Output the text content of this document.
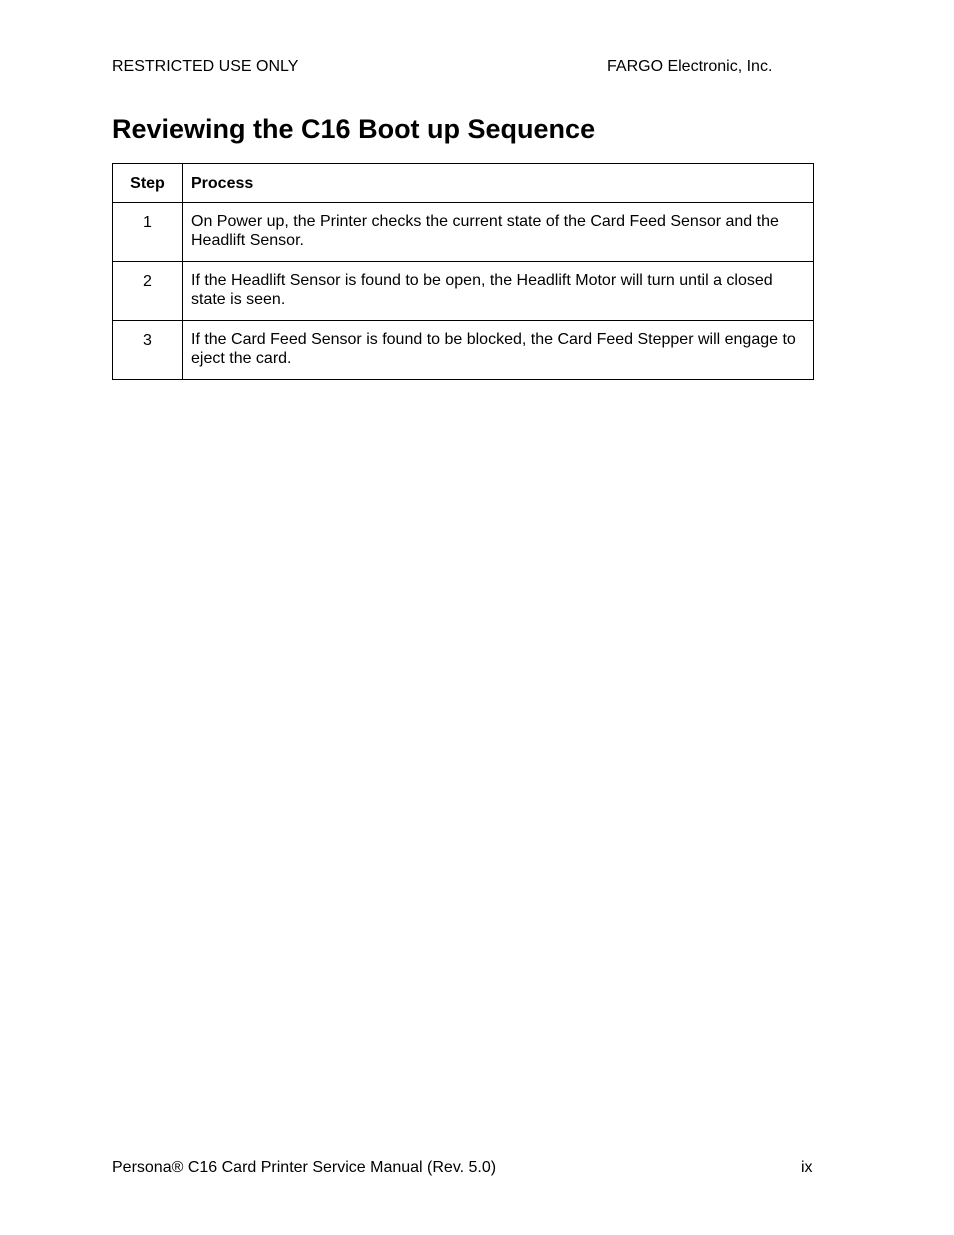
RESTRICTED USE ONLY	FARGO Electronic, Inc.
Reviewing the C16 Boot up Sequence
Step	Process

1	On Power up, the Printer checks the current state of the Card Feed Sensor and the Headlift Sensor.

2	If the Headlift Sensor is found to be open, the Headlift Motor will turn until a closed state is seen.

3	If the Card Feed Sensor is found to be blocked, the Card Feed Stepper will engage to eject the card.
Persona® C16 Card Printer Service Manual (Rev. 5.0)	ix
